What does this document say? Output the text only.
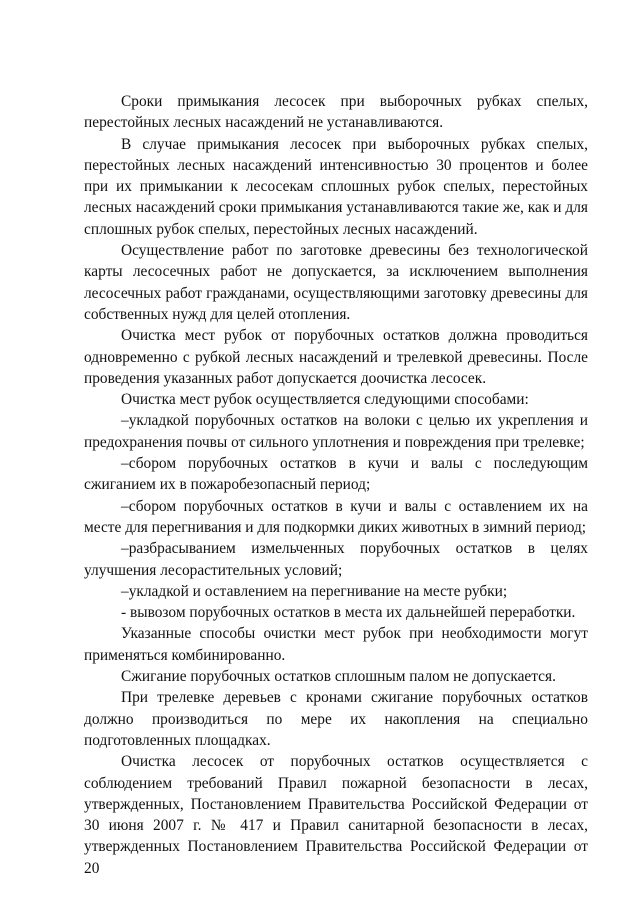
Сроки примыкания лесосек при выборочных рубках спелых, перестойных лесных насаждений не устанавливаются.

В случае примыкания лесосек при выборочных рубках спелых, перестойных лесных насаждений интенсивностью 30 процентов и более при их примыкании к лесосекам сплошных рубок спелых, перестойных лесных насаждений сроки примыкания устанавливаются такие же, как и для сплошных рубок спелых, перестойных лесных насаждений.

Осуществление работ по заготовке древесины без технологической карты лесосечных работ не допускается, за исключением выполнения лесосечных работ гражданами, осуществляющими заготовку древесины для собственных нужд для целей отопления.

Очистка мест рубок от порубочных остатков должна проводиться одновременно с рубкой лесных насаждений и трелевкой древесины. После проведения указанных работ допускается доочистка лесосек.

Очистка мест рубок осуществляется следующими способами:

–укладкой порубочных остатков на волоки с целью их укрепления и предохранения почвы от сильного уплотнения и повреждения при трелевке;

–сбором порубочных остатков в кучи и валы с последующим сжиганием их в пожаробезопасный период;

–сбором порубочных остатков в кучи и валы с оставлением их на месте для перегнивания и для подкормки диких животных в зимний период;

–разбрасыванием измельченных порубочных остатков в целях улучшения лесорастительных условий;

–укладкой и оставлением на перегнивание на месте рубки;

- вывозом порубочных остатков в места их дальнейшей переработки.

Указанные способы очистки мест рубок при необходимости могут применяться комбинированно.

Сжигание порубочных остатков сплошным палом не допускается.

При трелевке деревьев с кронами сжигание порубочных остатков должно производиться по мере их накопления на специально подготовленных площадках.

Очистка лесосек от порубочных остатков осуществляется с соблюдением требований Правил пожарной безопасности в лесах, утвержденных, Постановлением Правительства Российской Федерации от 30 июня 2007 г. № 417 и Правил санитарной безопасности в лесах, утвержденных Постановлением Правительства Российской Федерации от 20
